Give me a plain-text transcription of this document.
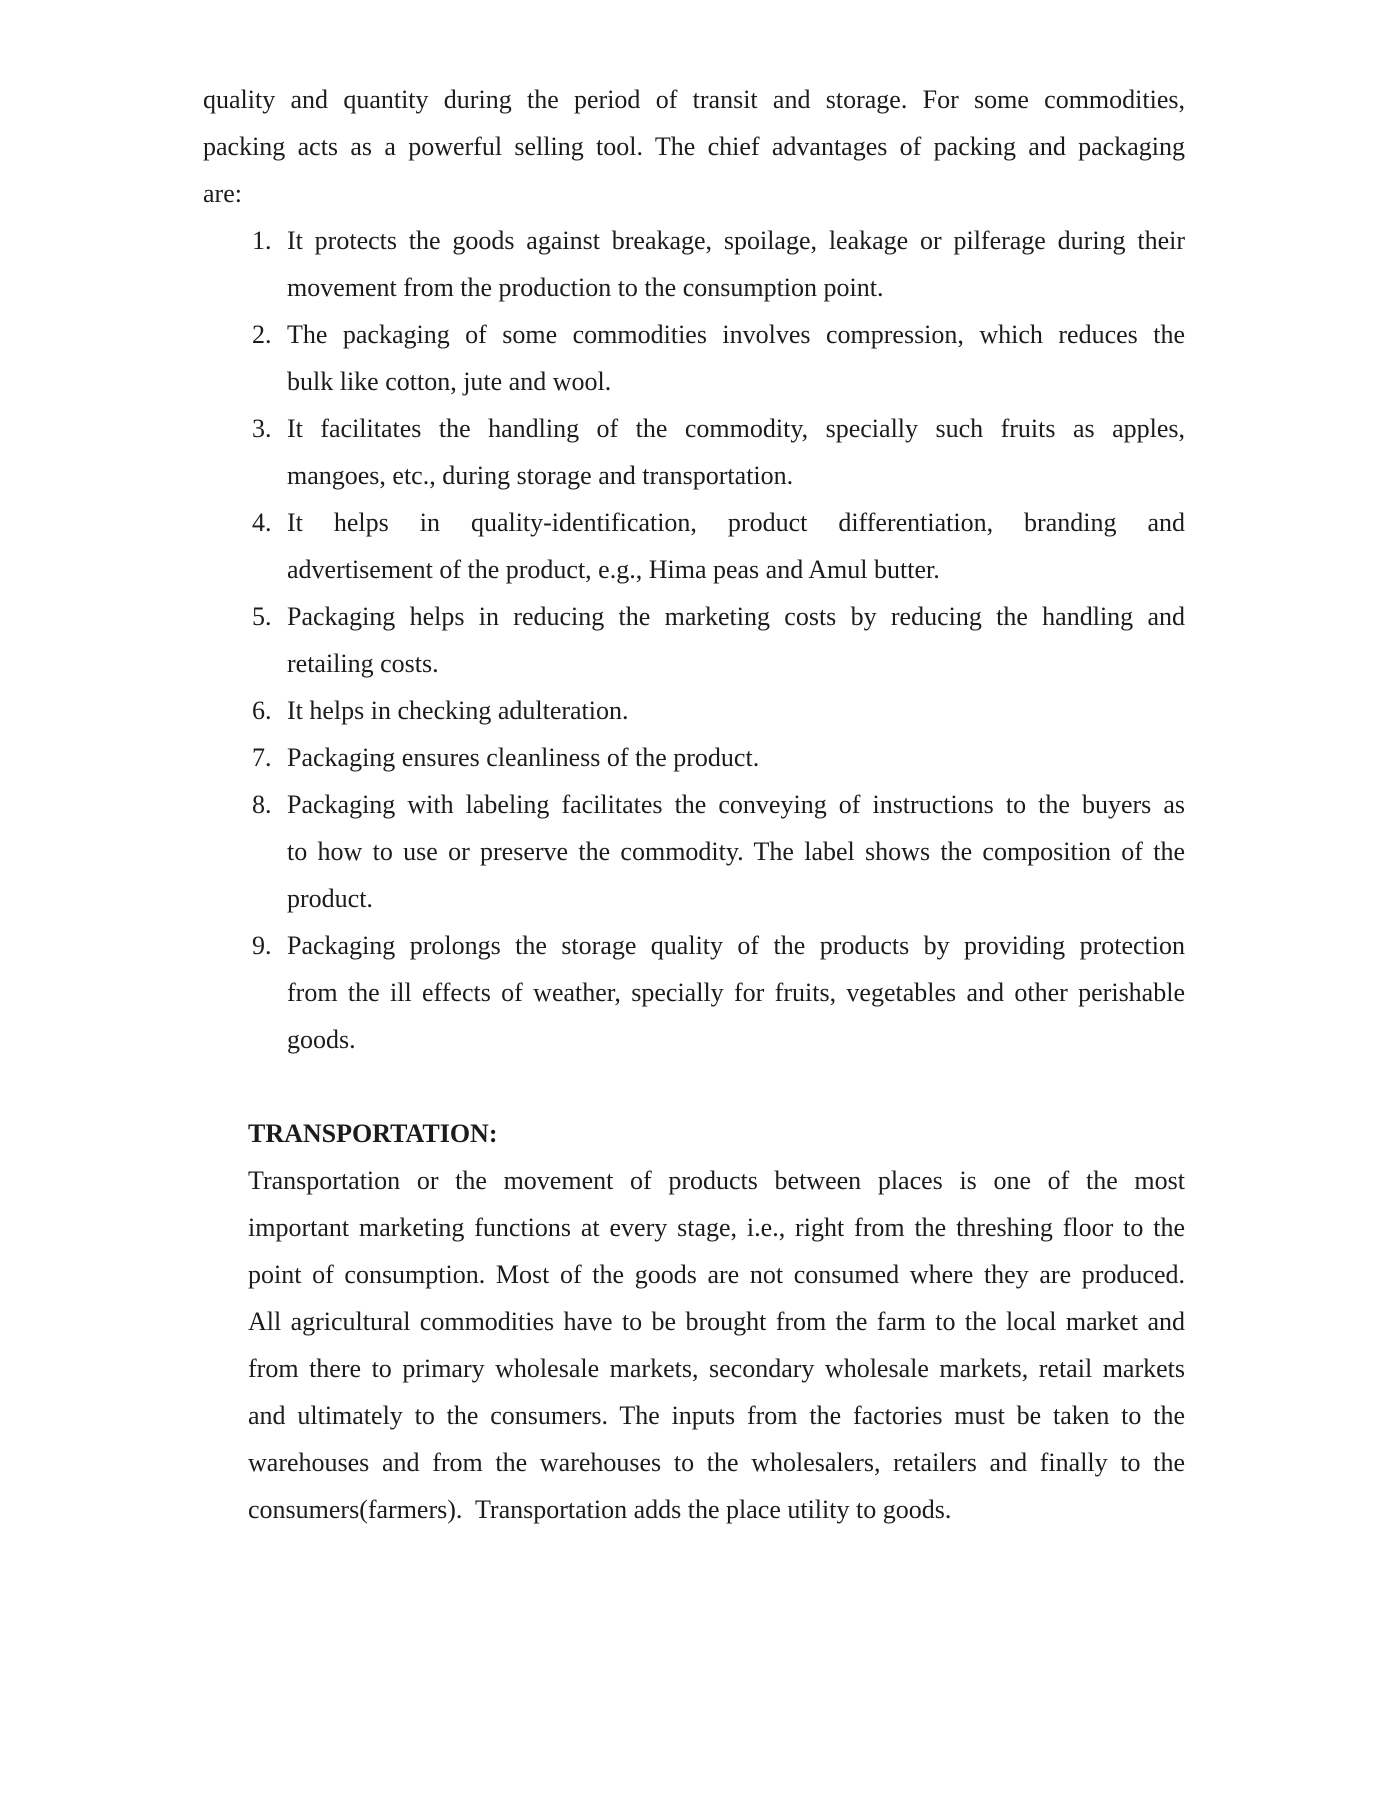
quality and quantity during the period of transit and storage. For some commodities,
packing acts as a powerful selling tool. The chief advantages of packing and packaging
are:
1. It protects the goods against breakage, spoilage, leakage or pilferage during their
movement from the production to the consumption point.
2. The packaging of some commodities involves compression, which reduces the
bulk like cotton, jute and wool.
3. It facilitates the handling of the commodity, specially such fruits as apples,
mangoes, etc., during storage and transportation.
4. It helps in quality-identification, product differentiation, branding and
advertisement of the product, e.g., Hima peas and Amul butter.
5. Packaging helps in reducing the marketing costs by reducing the handling and
retailing costs.
6. It helps in checking adulteration.
7. Packaging ensures cleanliness of the product.
8. Packaging with labeling facilitates the conveying of instructions to the buyers as
to how to use or preserve the commodity. The label shows the composition of the
product.
9. Packaging prolongs the storage quality of the products by providing protection
from the ill effects of weather, specially for fruits, vegetables and other perishable
goods.
TRANSPORTATION:
Transportation or the movement of products between places is one of the most
important marketing functions at every stage, i.e., right from the threshing floor to the
point of consumption. Most of the goods are not consumed where they are produced.
All agricultural commodities have to be brought from the farm to the local market and
from there to primary wholesale markets, secondary wholesale markets, retail markets
and ultimately to the consumers. The inputs from the factories must be taken to the
warehouses and from the warehouses to the wholesalers, retailers and finally to the
consumers(farmers).  Transportation adds the place utility to goods.
